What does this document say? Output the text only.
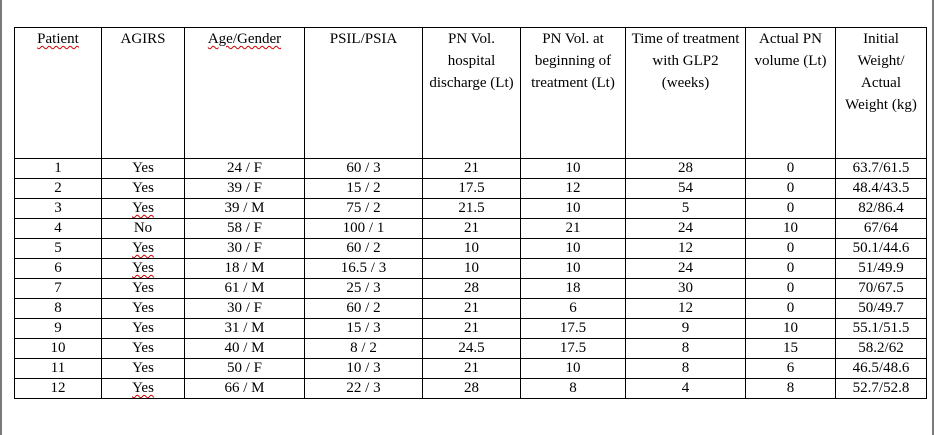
Patient	AGIRS	Age/Gender	PSIL/PSIA	PN Vol. hospital discharge (Lt)	PN Vol. at beginning of treatment (Lt)	Time of treatment with GLP2 (weeks)	Actual PN volume (Lt)	Initial Weight/ Actual Weight (kg)
1	Yes	24 / F	60 / 3	21	10	28	0	63.7/61.5
2	Yes	39 / F	15 / 2	17.5	12	54	0	48.4/43.5
3	Yes	39 / M	75 / 2	21.5	10	5	0	82/86.4
4	No	58 / F	100 / 1	21	21	24	10	67/64
5	Yes	30 / F	60 / 2	10	10	12	0	50.1/44.6
6	Yes	18 / M	16.5 / 3	10	10	24	0	51/49.9
7	Yes	61 / M	25 / 3	28	18	30	0	70/67.5
8	Yes	30 / F	60 / 2	21	6	12	0	50/49.7
9	Yes	31 / M	15 / 3	21	17.5	9	10	55.1/51.5
10	Yes	40 / M	8 / 2	24.5	17.5	8	15	58.2/62
11	Yes	50 / F	10 / 3	21	10	8	6	46.5/48.6
12	Yes	66 / M	22 / 3	28	8	4	8	52.7/52.8
